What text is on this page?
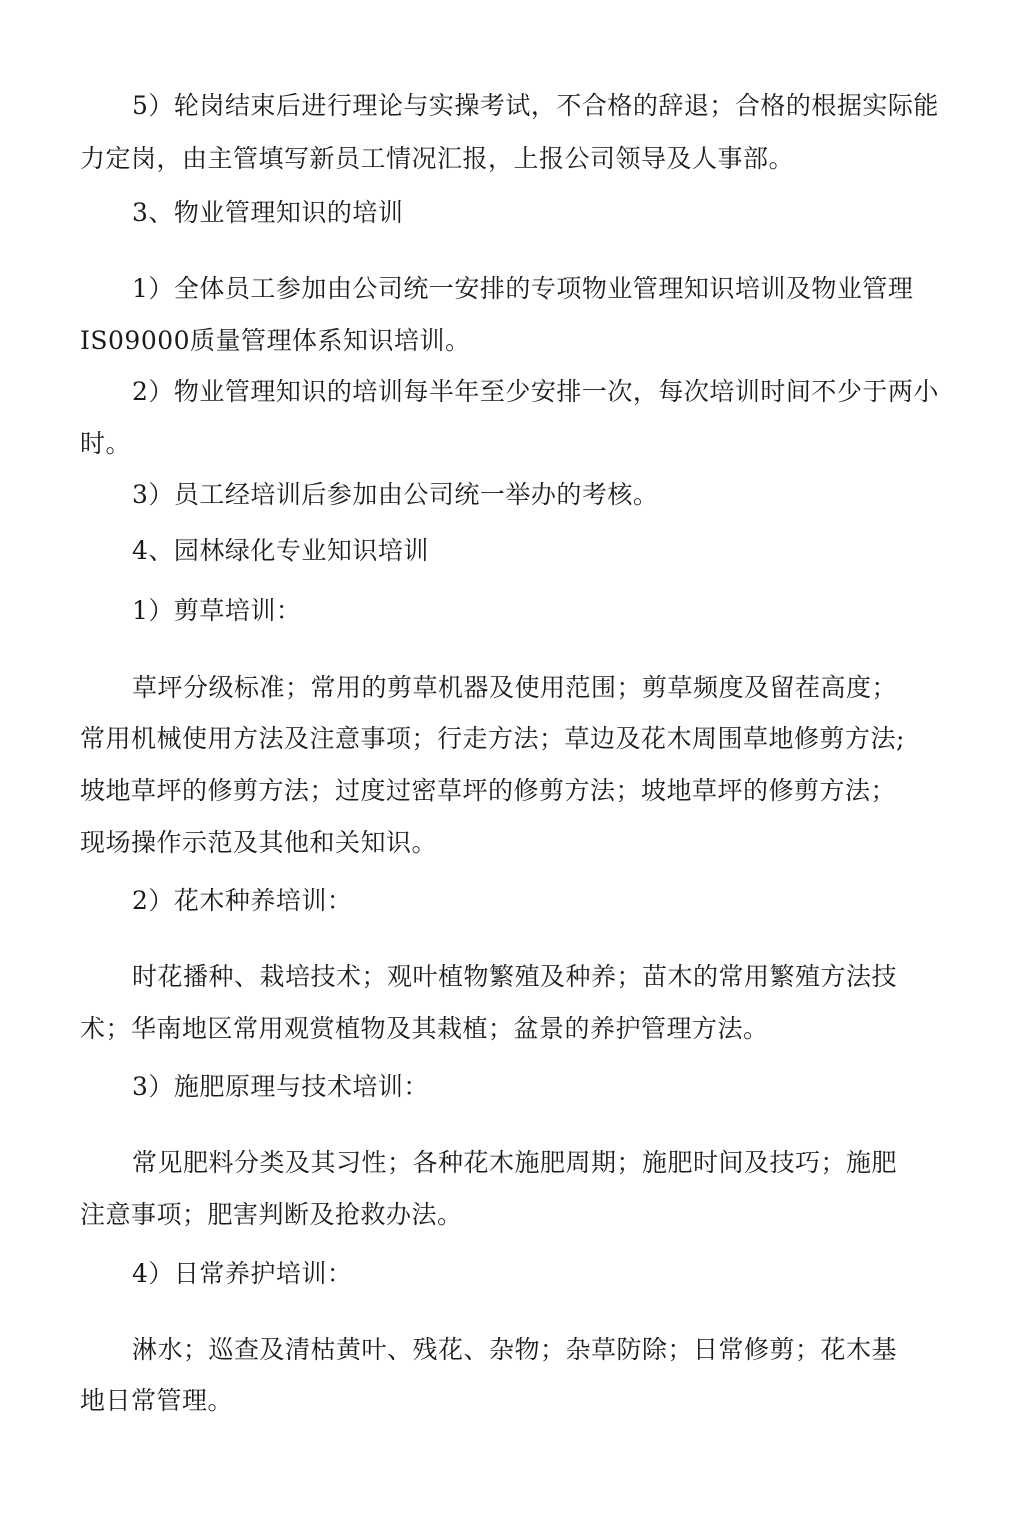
5）轮岗结束后进行理论与实操考试，不合格的辞退；合格的根据实际能
力定岗，由主管填写新员工情况汇报，上报公司领导及人事部。
3、物业管理知识的培训
1）全体员工参加由公司统一安排的专项物业管理知识培训及物业管理
IS09000质量管理体系知识培训。
2）物业管理知识的培训每半年至少安排一次，每次培训时间不少于两小
时。
3）员工经培训后参加由公司统一举办的考核。
4、园林绿化专业知识培训
1）剪草培训：
草坪分级标准；常用的剪草机器及使用范围；剪草频度及留茬高度；
常用机械使用方法及注意事项；行走方法；草边及花木周围草地修剪方法;
坡地草坪的修剪方法；过度过密草坪的修剪方法；坡地草坪的修剪方法；
现场操作示范及其他和关知识。
2）花木种养培训：
时花播种、栽培技术；观叶植物繁殖及种养；苗木的常用繁殖方法技
术；华南地区常用观赏植物及其栽植；盆景的养护管理方法。
3）施肥原理与技术培训：
常见肥料分类及其习性；各种花木施肥周期；施肥时间及技巧；施肥
注意事项；肥害判断及抢救办法。
4）日常养护培训：
淋水；巡查及清枯黄叶、残花、杂物；杂草防除；日常修剪；花木基
地日常管理。
